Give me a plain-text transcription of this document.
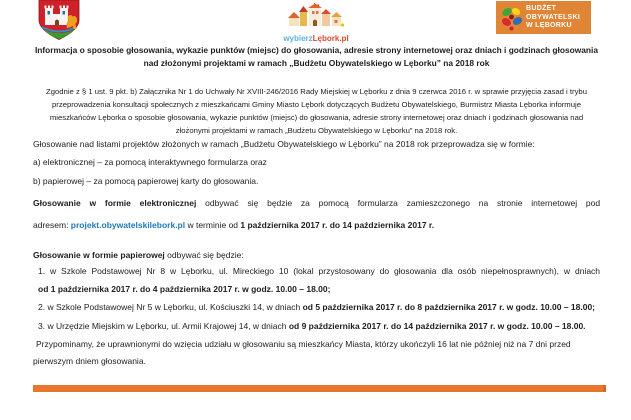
wybierzLębork.pl
BUDŻET
OBYWATELSKI
W LĘBORKU
Informacja o sposobie głosowania, wykazie punktów (miejsc) do głosowania, adresie strony internetowej oraz dniach i godzinach głosowania
nad złożonymi projektami w ramach „Budżetu Obywatelskiego w Lęborku” na 2018 rok
Zgodnie z § 1 ust. 9 pkt. b) Załącznika Nr 1 do Uchwały Nr XVIII-246/2016 Rady Miejskiej w Lęborku z dnia 9 czerwca 2016 r. w sprawie przyjęcia zasad i trybu
przeprowadzenia konsultacji społecznych z mieszkańcami Gminy Miasto Lębork dotyczących Budżetu Obywatelskiego, Burmistrz Miasta Lęborka informuje
mieszkańców Lęborka o sposobie głosowania, wykazie punktów (miejsc) do głosowania, adresie strony internetowej oraz dniach i godzinach głosowania nad
złożonymi projektami w ramach „Budżetu Obywatelskiego w Lęborku” na 2018 rok.
Głosowanie nad listami projektów złożonych w ramach „Budżetu Obywatelskiego w Lęborku” na 2018 rok przeprowadza się w formie:
a) elektronicznej – za pomocą interaktywnego formularza oraz
b) papierowej – za pomocą papierowej karty do głosowania.
Głosowanie w formie elektronicznej odbywać się będzie za pomocą formularza zamieszczonego na stronie internetowej pod
adresem: projekt.obywatelskilebork.pl w terminie od 1 października 2017 r. do 14 października 2017 r.
Głosowanie w formie papierowej odbywać się będzie:
1. w Szkole Podstawowej Nr 8 w Lęborku, ul. Mireckiego 10 (lokal przystosowany do głosowania dla osób niepełnosprawnych), w dniach
od 1 października 2017 r. do 4 października 2017 r. w godz. 10.00 – 18.00;
2. w Szkole Podstawowej Nr 5 w Lęborku, ul. Kościuszki 14, w dniach od 5 października 2017 r. do 8 października 2017 r. w godz. 10.00 – 18.00;
3. w Urzędzie Miejskim w Lęborku, ul. Armii Krajowej 14, w dniach od 9 października 2017 r. do 14 października 2017 r. w godz. 10.00 – 18.00.
Przypominamy, że uprawnionymi do wzięcia udziału w głosowaniu są mieszkańcy Miasta, którzy ukończyli 16 lat nie później niż na 7 dni przed
pierwszym dniem głosowania.
